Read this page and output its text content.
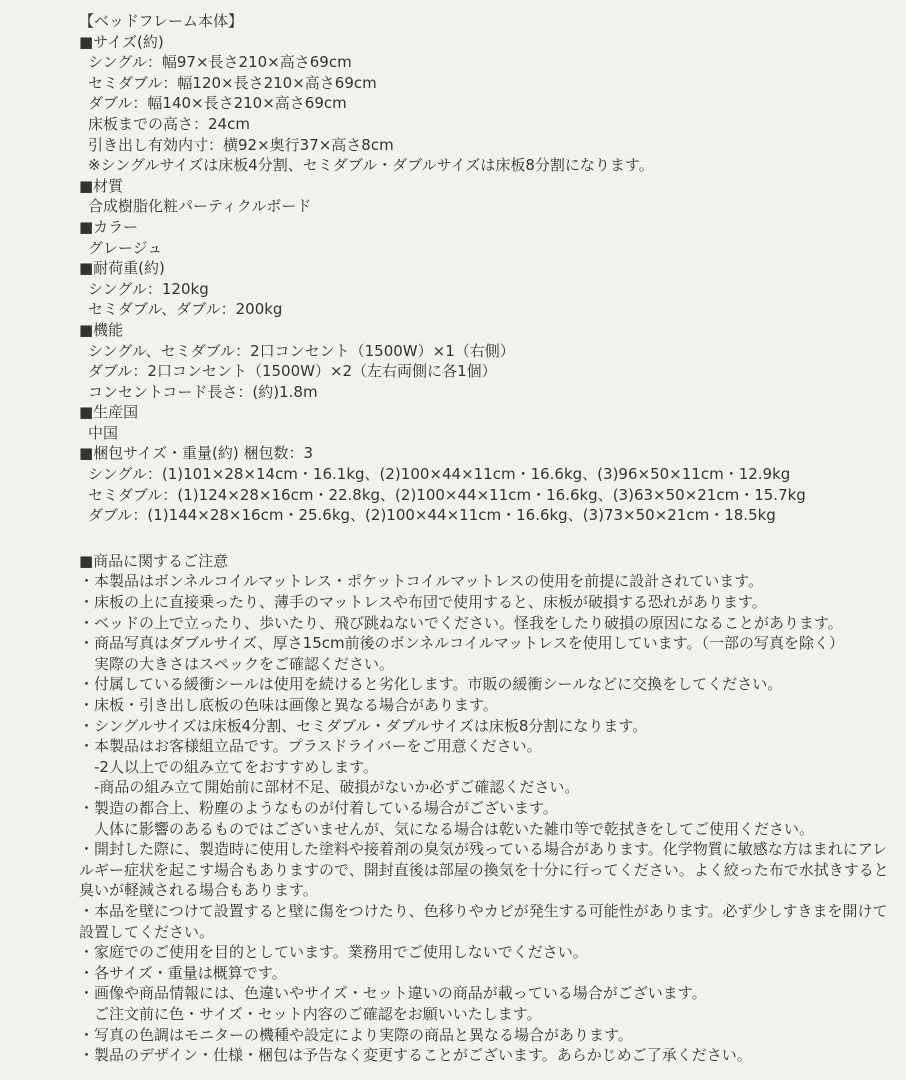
【ベッドフレーム本体】
■サイズ(約)
シングル：幅97×長さ210×高さ69cm
セミダブル：幅120×長さ210×高さ69cm
ダブル：幅140×長さ210×高さ69cm
床板までの高さ：24cm
引き出し有効内寸：横92×奥行37×高さ8cm
※シングルサイズは床板4分割、セミダブル・ダブルサイズは床板8分割になります。
■材質
合成樹脂化粧パーティクルボード
■カラー
グレージュ
■耐荷重(約)
シングル：120kg
セミダブル、ダブル：200kg
■機能
シングル、セミダブル：2口コンセント（1500W）×1（右側）
ダブル：2口コンセント（1500W）×2（左右両側に各1個）
コンセントコード長さ：(約)1.8m
■生産国
中国
■梱包サイズ・重量(約) 梱包数：3
シングル：(1)101×28×14cm・16.1kg、(2)100×44×11cm・16.6kg、(3)96×50×11cm・12.9kg
セミダブル：(1)124×28×16cm・22.8kg、(2)100×44×11cm・16.6kg、(3)63×50×21cm・15.7kg
ダブル：(1)144×28×16cm・25.6kg、(2)100×44×11cm・16.6kg、(3)73×50×21cm・18.5kg
■商品に関するご注意
・本製品はボンネルコイルマットレス・ポケットコイルマットレスの使用を前提に設計されています。
・床板の上に直接乗ったり、薄手のマットレスや布団で使用すると、床板が破損する恐れがあります。
・ベッドの上で立ったり、歩いたり、飛び跳ねないでください。怪我をしたり破損の原因になることがあります。
・商品写真はダブルサイズ、厚さ15cm前後のボンネルコイルマットレスを使用しています。（一部の写真を除く）
実際の大きさはスペックをご確認ください。
・付属している緩衝シールは使用を続けると劣化します。市販の緩衝シールなどに交換をしてください。
・床板・引き出し底板の色味は画像と異なる場合があります。
・シングルサイズは床板4分割、セミダブル・ダブルサイズは床板8分割になります。
・本製品はお客様組立品です。プラスドライバーをご用意ください。
-2人以上での組み立てをおすすめします。
-商品の組み立て開始前に部材不足、破損がないか必ずご確認ください。
・製造の都合上、粉塵のようなものが付着している場合がございます。
人体に影響のあるものではございませんが、気になる場合は乾いた雑巾等で乾拭きをしてご使用ください。
・開封した際に、製造時に使用した塗料や接着剤の臭気が残っている場合があります。化学物質に敏感な方はまれにアレ
ルギー症状を起こす場合もありますので、開封直後は部屋の換気を十分に行ってください。よく絞った布で水拭きすると
臭いが軽減される場合もあります。
・本品を壁につけて設置すると壁に傷をつけたり、色移りやカビが発生する可能性があります。必ず少しすきまを開けて
設置してください。
・家庭でのご使用を目的としています。業務用でご使用しないでください。
・各サイズ・重量は概算です。
・画像や商品情報には、色違いやサイズ・セット違いの商品が載っている場合がございます。
ご注文前に色・サイズ・セット内容のご確認をお願いいたします。
・写真の色調はモニターの機種や設定により実際の商品と異なる場合があります。
・製品のデザイン・仕様・梱包は予告なく変更することがございます。あらかじめご了承ください。
